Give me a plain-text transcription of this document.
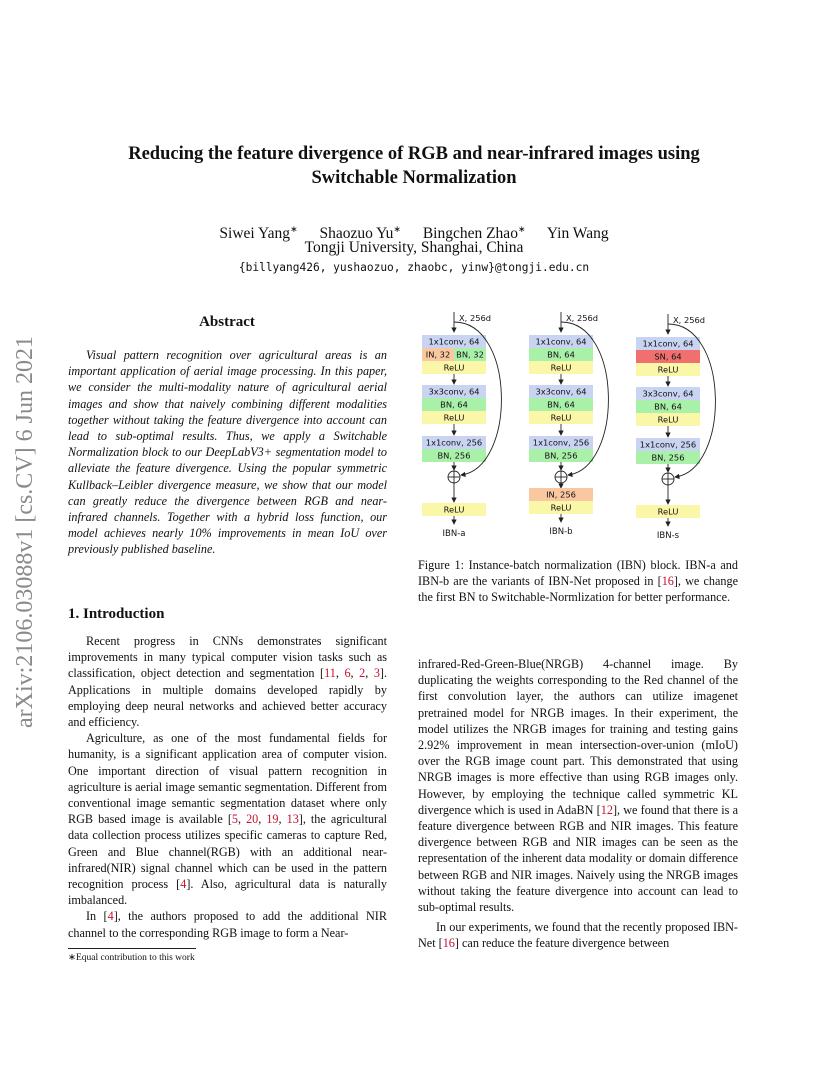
Reducing the feature divergence of RGB and near-infrared images using
Switchable Normalization
Siwei Yang∗ Shaozuo Yu∗ Bingchen Zhao∗ Yin Wang
Tongji University, Shanghai, China
{billyang426, yushaozuo, zhaobc, yinw}@tongji.edu.cn
arXiv:2106.03088v1 [cs.CV] 6 Jun 2021
Abstract
Visual pattern recognition over agricultural areas is an important application of aerial image processing. In this paper, we consider the multi-modality nature of agricultural aerial images and show that naively combining different modalities together without taking the feature divergence into account can lead to sub-optimal results. Thus, we apply a Switchable Normalization block to our DeepLabV3+ segmentation model to alleviate the feature divergence. Using the popular symmetric Kullback–Leibler divergence measure, we show that our model can greatly reduce the divergence between RGB and near-infrared channels. Together with a hybrid loss function, our model achieves nearly 10% improvements in mean IoU over previously published baseline.
1. Introduction

Recent progress in CNNs demonstrates significant improvements in many typical computer vision tasks such as classification, object detection and segmentation [11, 6, 2, 3]. Applications in multiple domains developed rapidly by employing deep neural networks and achieved better accuracy and efficiency.

Agriculture, as one of the most fundamental fields for humanity, is a significant application area of computer vision. One important direction of visual pattern recognition in agriculture is aerial image semantic segmentation. Different from conventional image semantic segmentation dataset where only RGB based image is available [5, 20, 19, 13], the agricultural data collection process utilizes specific cameras to capture Red, Green and Blue channel(RGB) with an additional near-infrared(NIR) signal channel which can be used in the pattern recognition process [4]. Also, agricultural data is naturally imbalanced.

In [4], the authors proposed to add the additional NIR channel to the corresponding RGB image to form a Near-

∗Equal contribution to this work
X, 256d
1x1conv, 64
IN, 32 BN, 32
ReLU
3x3conv, 64
BN, 64
ReLU
1x1conv, 256
BN, 256
ReLU
IBN-a
X, 256d
1x1conv, 64
BN, 64
ReLU
3x3conv, 64
BN, 64
ReLU
1x1conv, 256
BN, 256
IN, 256
ReLU
IBN-b
X, 256d
1x1conv, 64
SN, 64
ReLU
3x3conv, 64
BN, 64
ReLU
1x1conv, 256
BN, 256
ReLU
IBN-s
Figure 1: Instance-batch normalization (IBN) block. IBN-a and IBN-b are the variants of IBN-Net proposed in [16], we change the first BN to Switchable-Normlization for better performance.

infrared-Red-Green-Blue(NRGB) 4-channel image. By duplicating the weights corresponding to the Red channel of the first convolution layer, the authors can utilize imagenet pretrained model for NRGB images. In their experiment, the model utilizes the NRGB images for training and testing gains 2.92% improvement in mean intersection-over-union (mIoU) over the RGB image count part. This demonstrated that using NRGB images is more effective than using RGB images only. However, by employing the technique called symmetric KL divergence which is used in AdaBN [12], we found that there is a feature divergence between RGB and NIR images. This feature divergence between RGB and NIR images can be seen as the representation of the inherent data modality or domain difference between RGB and NIR images. Naively using the NRGB images without taking the feature divergence into account can lead to sub-optimal results.

In our experiments, we found that the recently proposed IBN-Net [16] can reduce the feature divergence between
